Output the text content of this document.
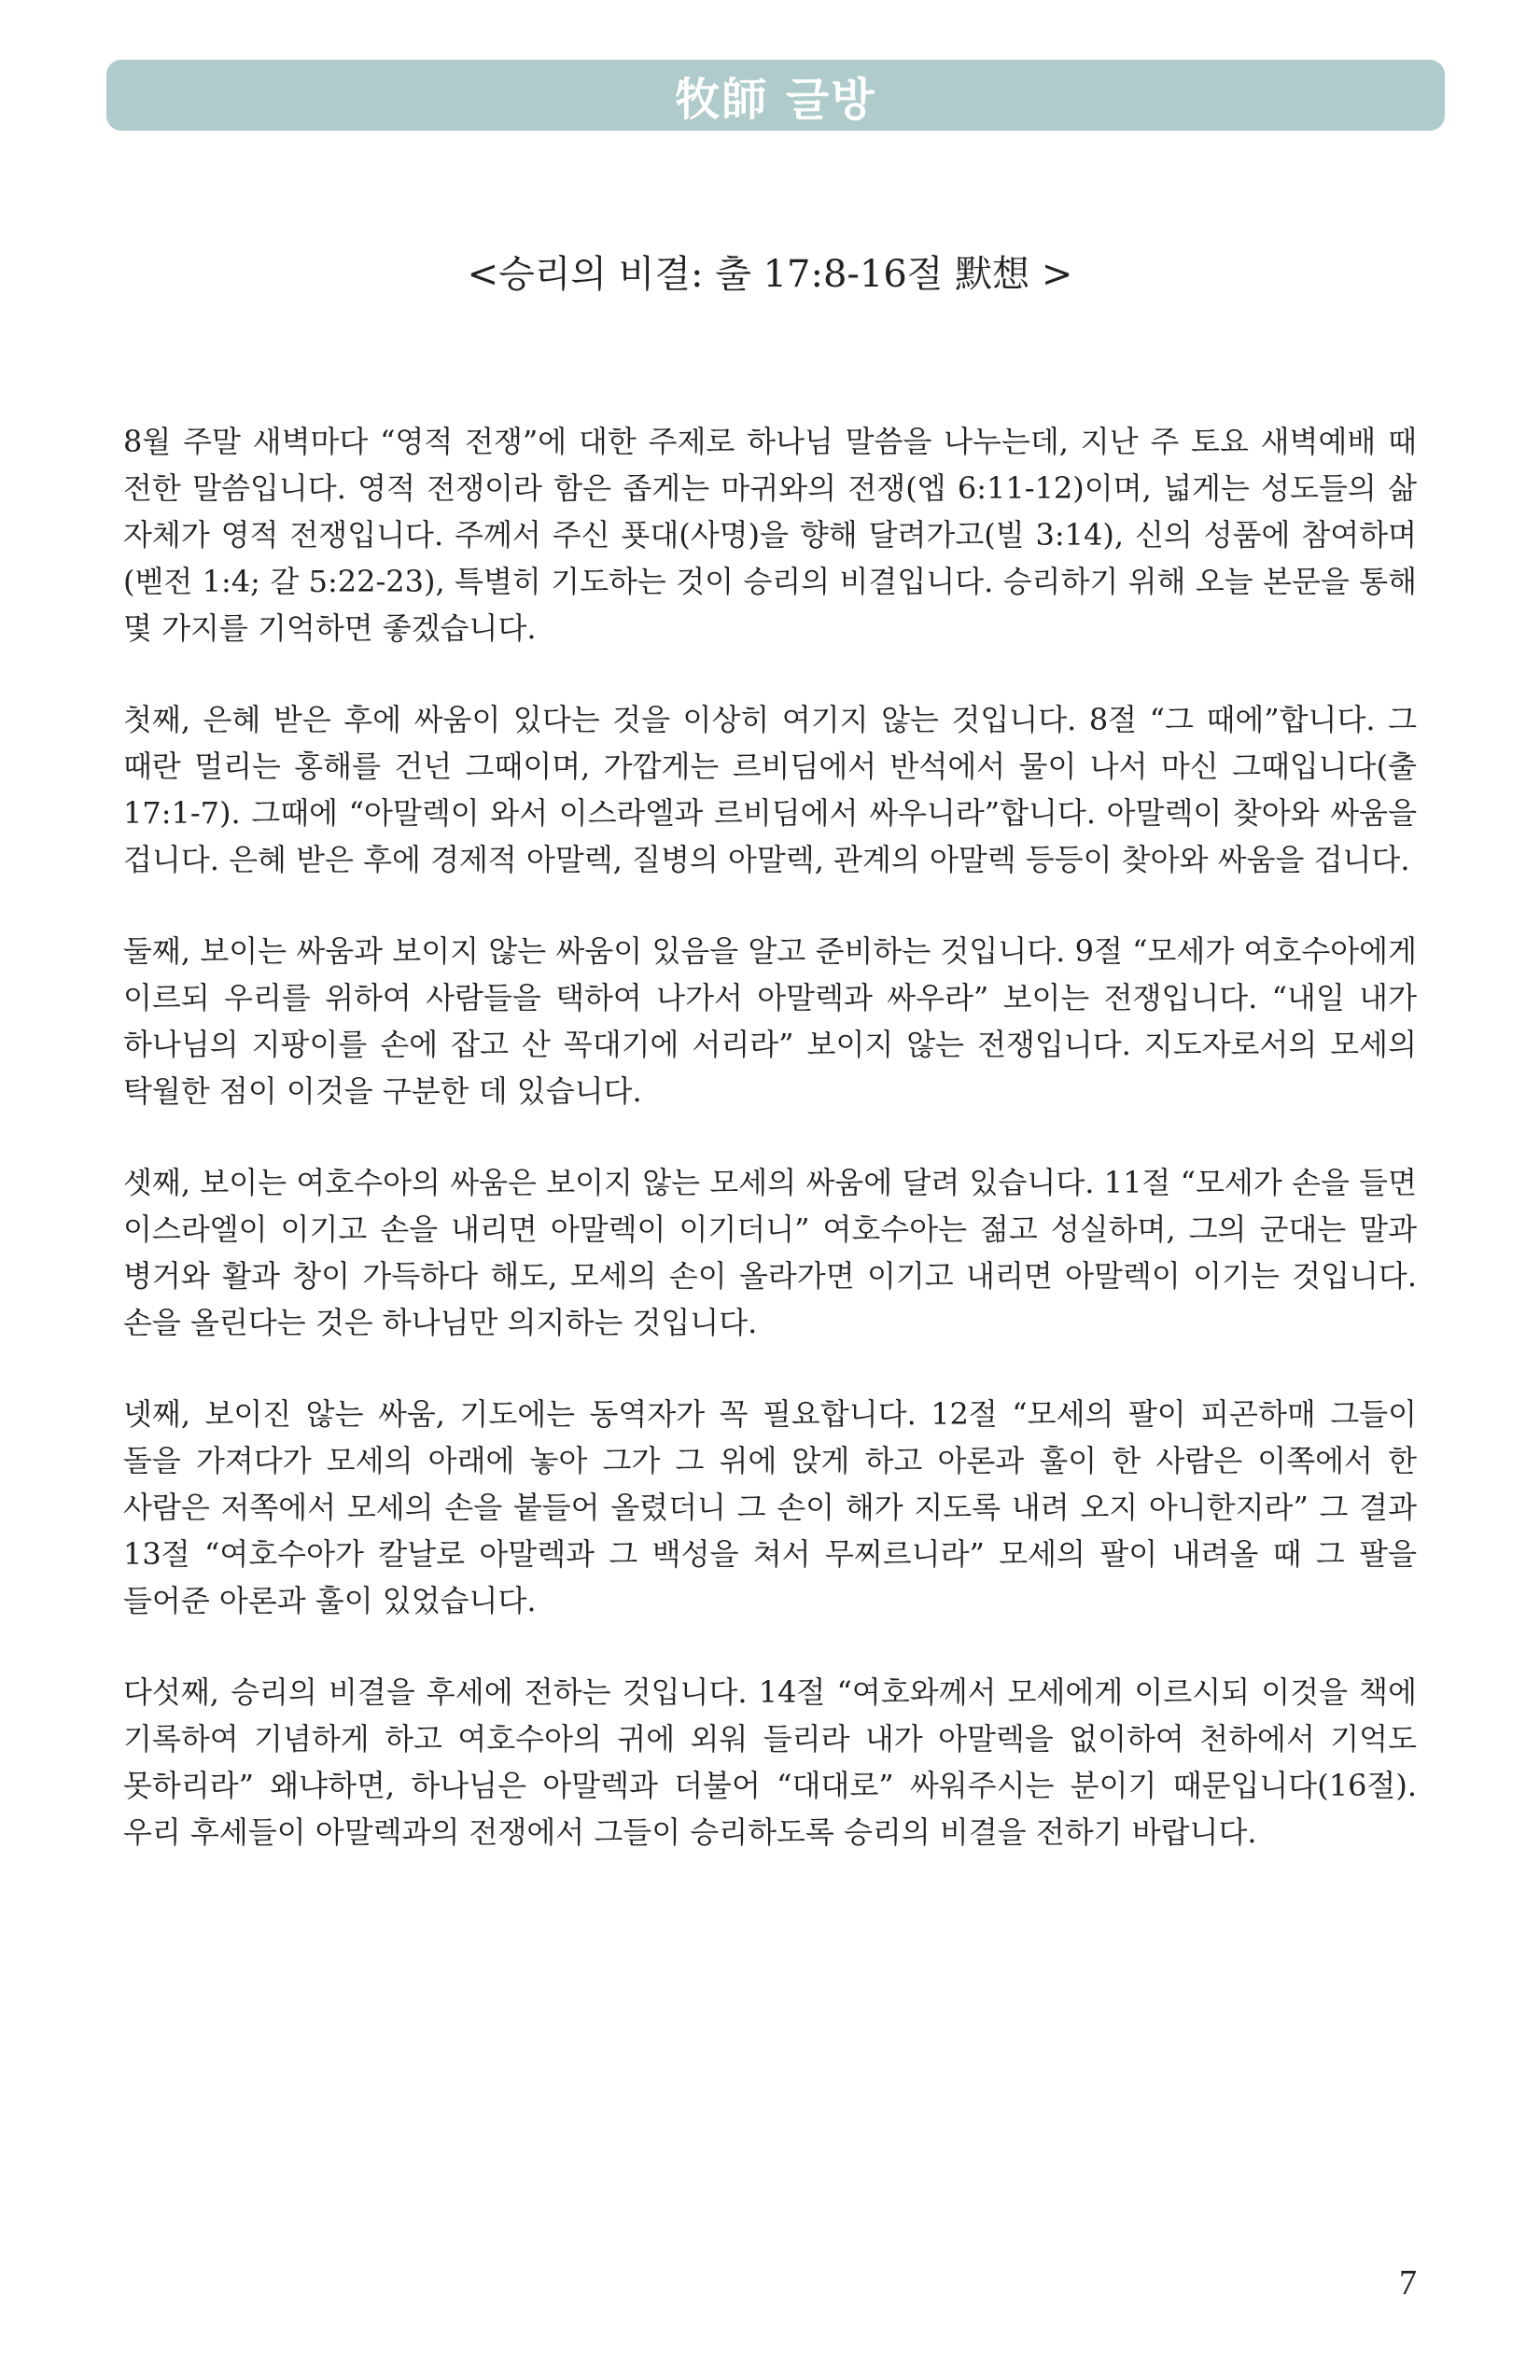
牧師 글방
<승리의 비결: 출 17:8-16절 默想 >

8월 주말 새벽마다 “영적 전쟁”에 대한 주제로 하나님 말씀을 나누는데, 지난 주 토요 새벽예배 때 전한 말씀입니다. 영적 전쟁이라 함은 좁게는 마귀와의 전쟁(엡 6:11-12)이며, 넓게는 성도들의 삶 자체가 영적 전쟁입니다. 주께서 주신 푯대(사명)을 향해 달려가고(빌 3:14), 신의 성품에 참여하며(벧전 1:4; 갈 5:22-23), 특별히 기도하는 것이 승리의 비결입니다. 승리하기 위해 오늘 본문을 통해 몇 가지를 기억하면 좋겠습니다.

첫째, 은혜 받은 후에 싸움이 있다는 것을 이상히 여기지 않는 것입니다. 8절 “그 때에”합니다. 그 때란 멀리는 홍해를 건넌 그때이며, 가깝게는 르비딤에서 반석에서 물이 나서 마신 그때입니다(출 17:1-7). 그때에 “아말렉이 와서 이스라엘과 르비딤에서 싸우니라”합니다. 아말렉이 찾아와 싸움을 겁니다. 은혜 받은 후에 경제적 아말렉, 질병의 아말렉, 관계의 아말렉 등등이 찾아와 싸움을 겁니다.

둘째, 보이는 싸움과 보이지 않는 싸움이 있음을 알고 준비하는 것입니다. 9절 “모세가 여호수아에게 이르되 우리를 위하여 사람들을 택하여 나가서 아말렉과 싸우라” 보이는 전쟁입니다. “내일 내가 하나님의 지팡이를 손에 잡고 산 꼭대기에 서리라” 보이지 않는 전쟁입니다. 지도자로서의 모세의 탁월한 점이 이것을 구분한 데 있습니다.

셋째, 보이는 여호수아의 싸움은 보이지 않는 모세의 싸움에 달려 있습니다. 11절 “모세가 손을 들면 이스라엘이 이기고 손을 내리면 아말렉이 이기더니” 여호수아는 젊고 성실하며, 그의 군대는 말과 병거와 활과 창이 가득하다 해도, 모세의 손이 올라가면 이기고 내리면 아말렉이 이기는 것입니다. 손을 올린다는 것은 하나님만 의지하는 것입니다.

넷째, 보이진 않는 싸움, 기도에는 동역자가 꼭 필요합니다. 12절 “모세의 팔이 피곤하매 그들이 돌을 가져다가 모세의 아래에 놓아 그가 그 위에 앉게 하고 아론과 훌이 한 사람은 이쪽에서 한 사람은 저쪽에서 모세의 손을 붙들어 올렸더니 그 손이 해가 지도록 내려 오지 아니한지라” 그 결과 13절 “여호수아가 칼날로 아말렉과 그 백성을 쳐서 무찌르니라” 모세의 팔이 내려올 때 그 팔을 들어준 아론과 훌이 있었습니다.

다섯째, 승리의 비결을 후세에 전하는 것입니다. 14절 “여호와께서 모세에게 이르시되 이것을 책에 기록하여 기념하게 하고 여호수아의 귀에 외워 들리라 내가 아말렉을 없이하여 천하에서 기억도 못하리라” 왜냐하면, 하나님은 아말렉과 더불어 “대대로” 싸워주시는 분이기 때문입니다(16절). 우리 후세들이 아말렉과의 전쟁에서 그들이 승리하도록 승리의 비결을 전하기 바랍니다.

7
